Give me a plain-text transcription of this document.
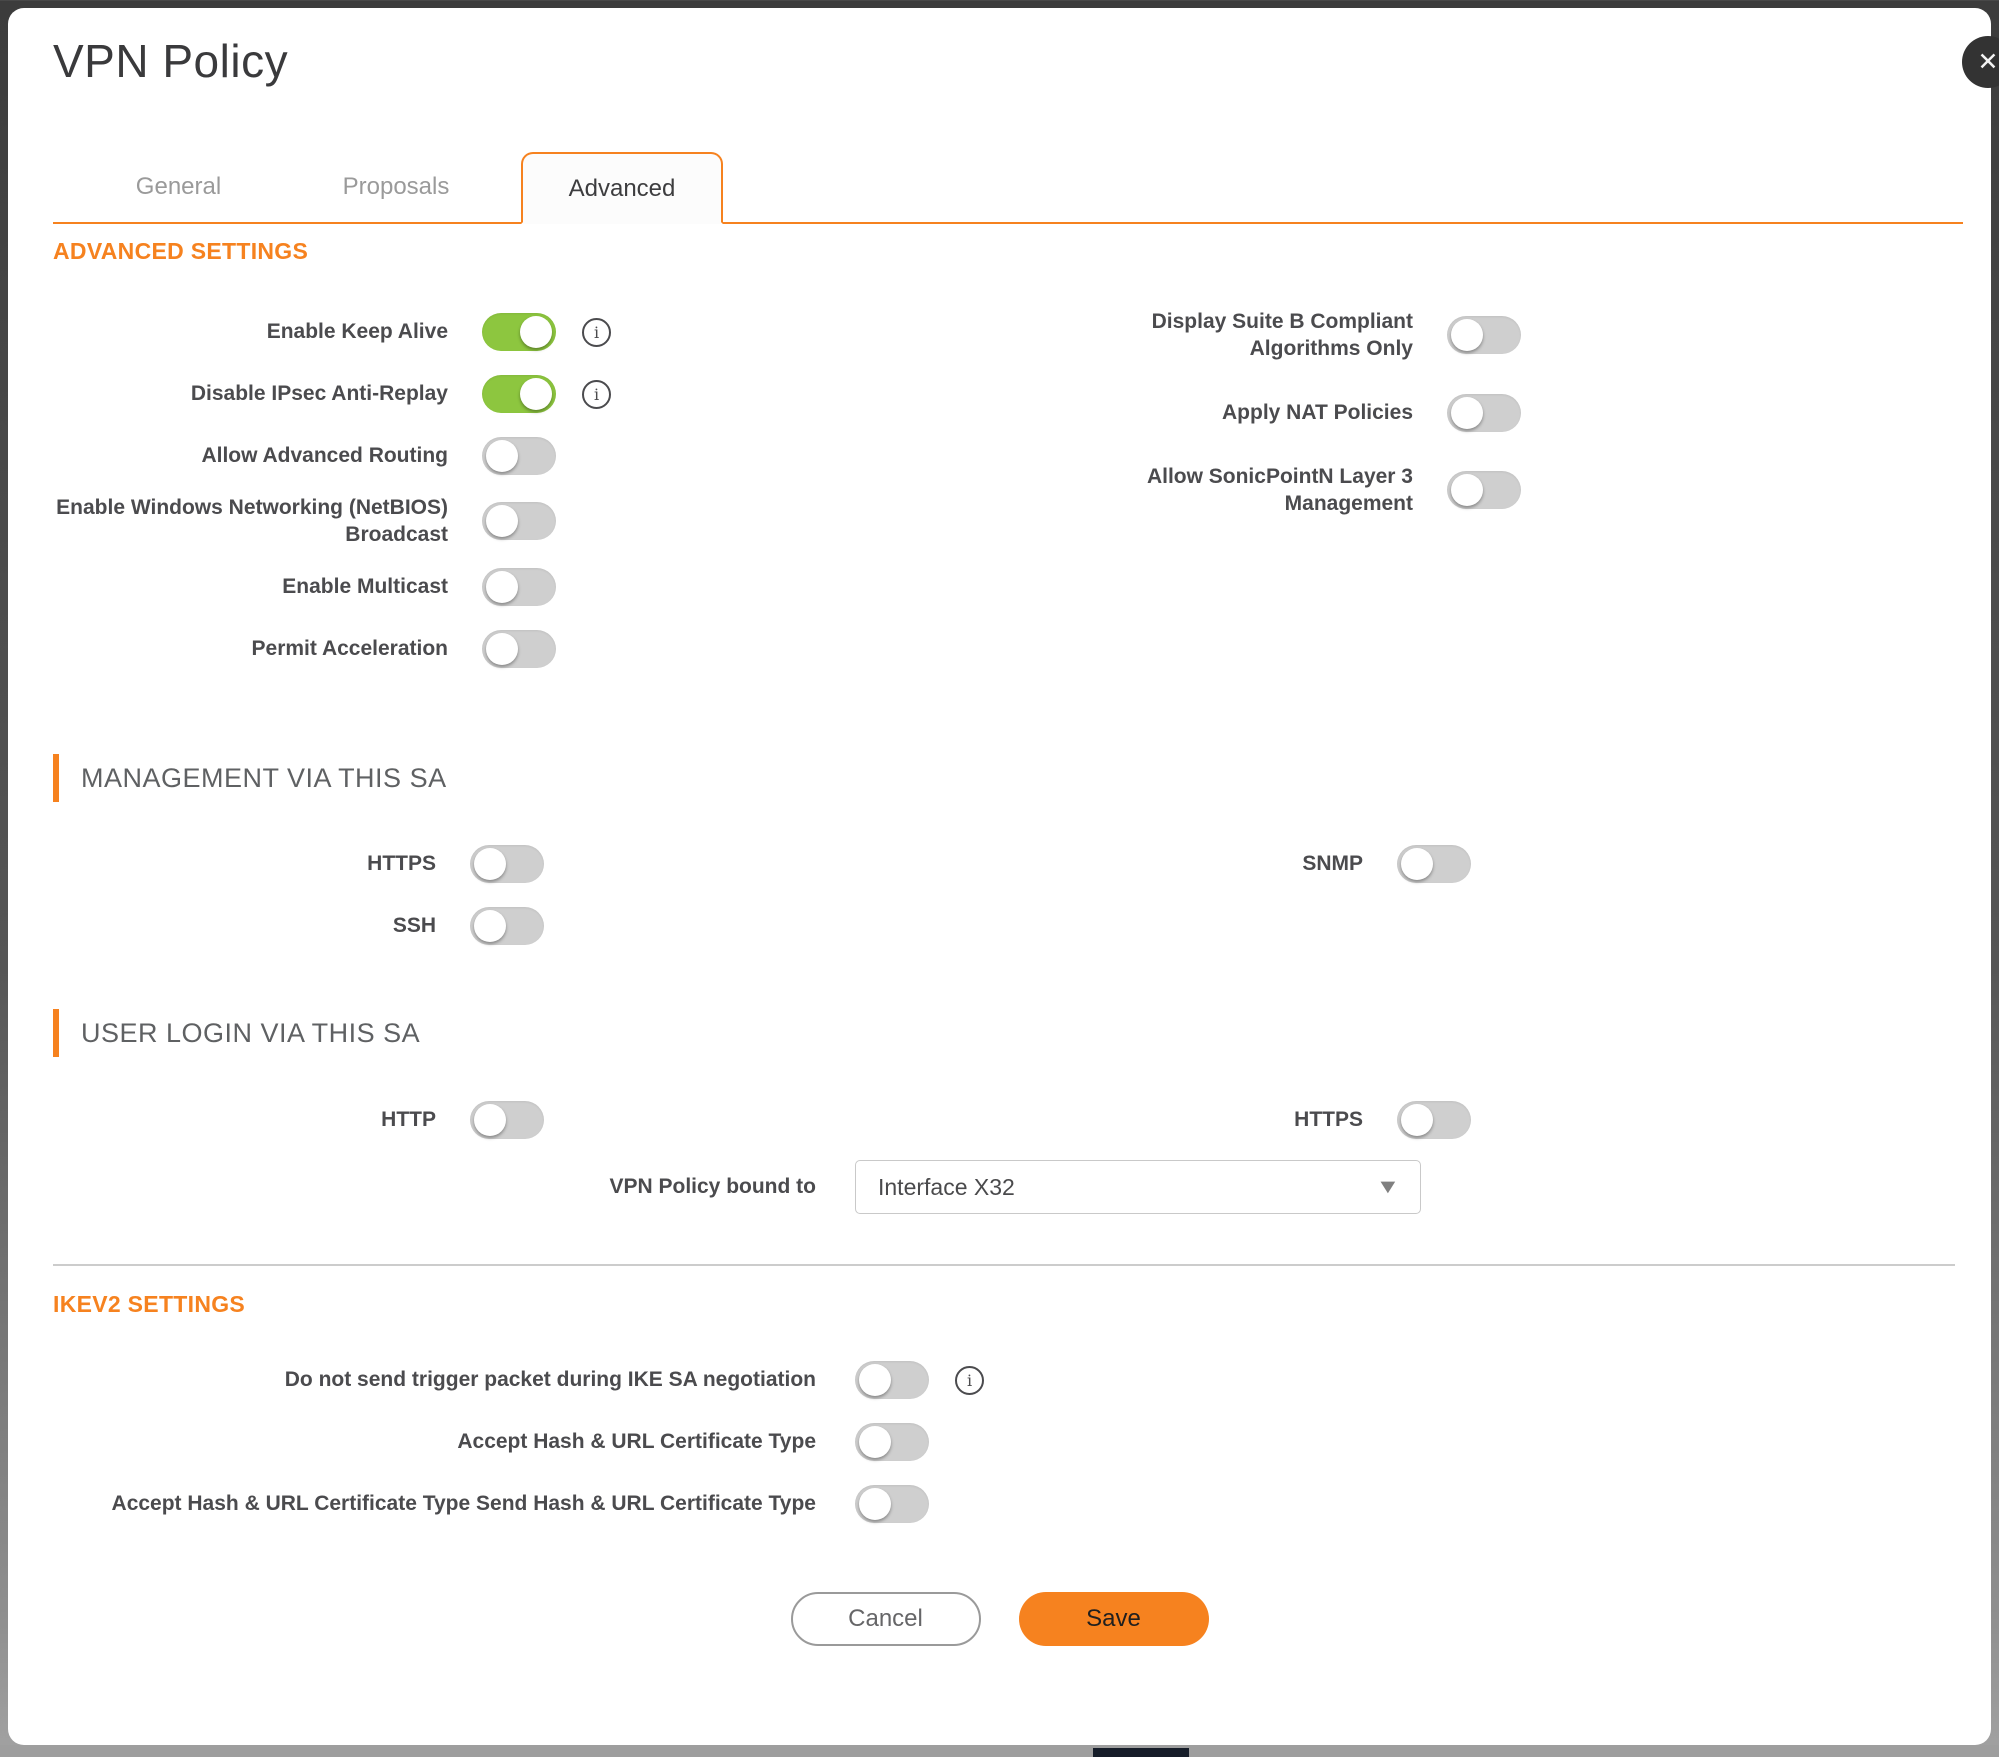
VPN Policy
General	Proposals	Advanced
ADVANCED SETTINGS
Enable Keep Alive	i
Disable IPsec Anti-Replay	i
Allow Advanced Routing
Enable Windows Networking (NetBIOS) Broadcast
Enable Multicast
Permit Acceleration
Display Suite B Compliant Algorithms Only
Apply NAT Policies
Allow SonicPointN Layer 3 Management
MANAGEMENT VIA THIS SA
HTTPS
SSH
SNMP
USER LOGIN VIA THIS SA
HTTP	HTTPS
VPN Policy bound to	Interface X32	▼
IKEV2 SETTINGS
Do not send trigger packet during IKE SA negotiation	i
Accept Hash & URL Certificate Type
Accept Hash & URL Certificate Type Send Hash & URL Certificate Type
Cancel	Save
✕
